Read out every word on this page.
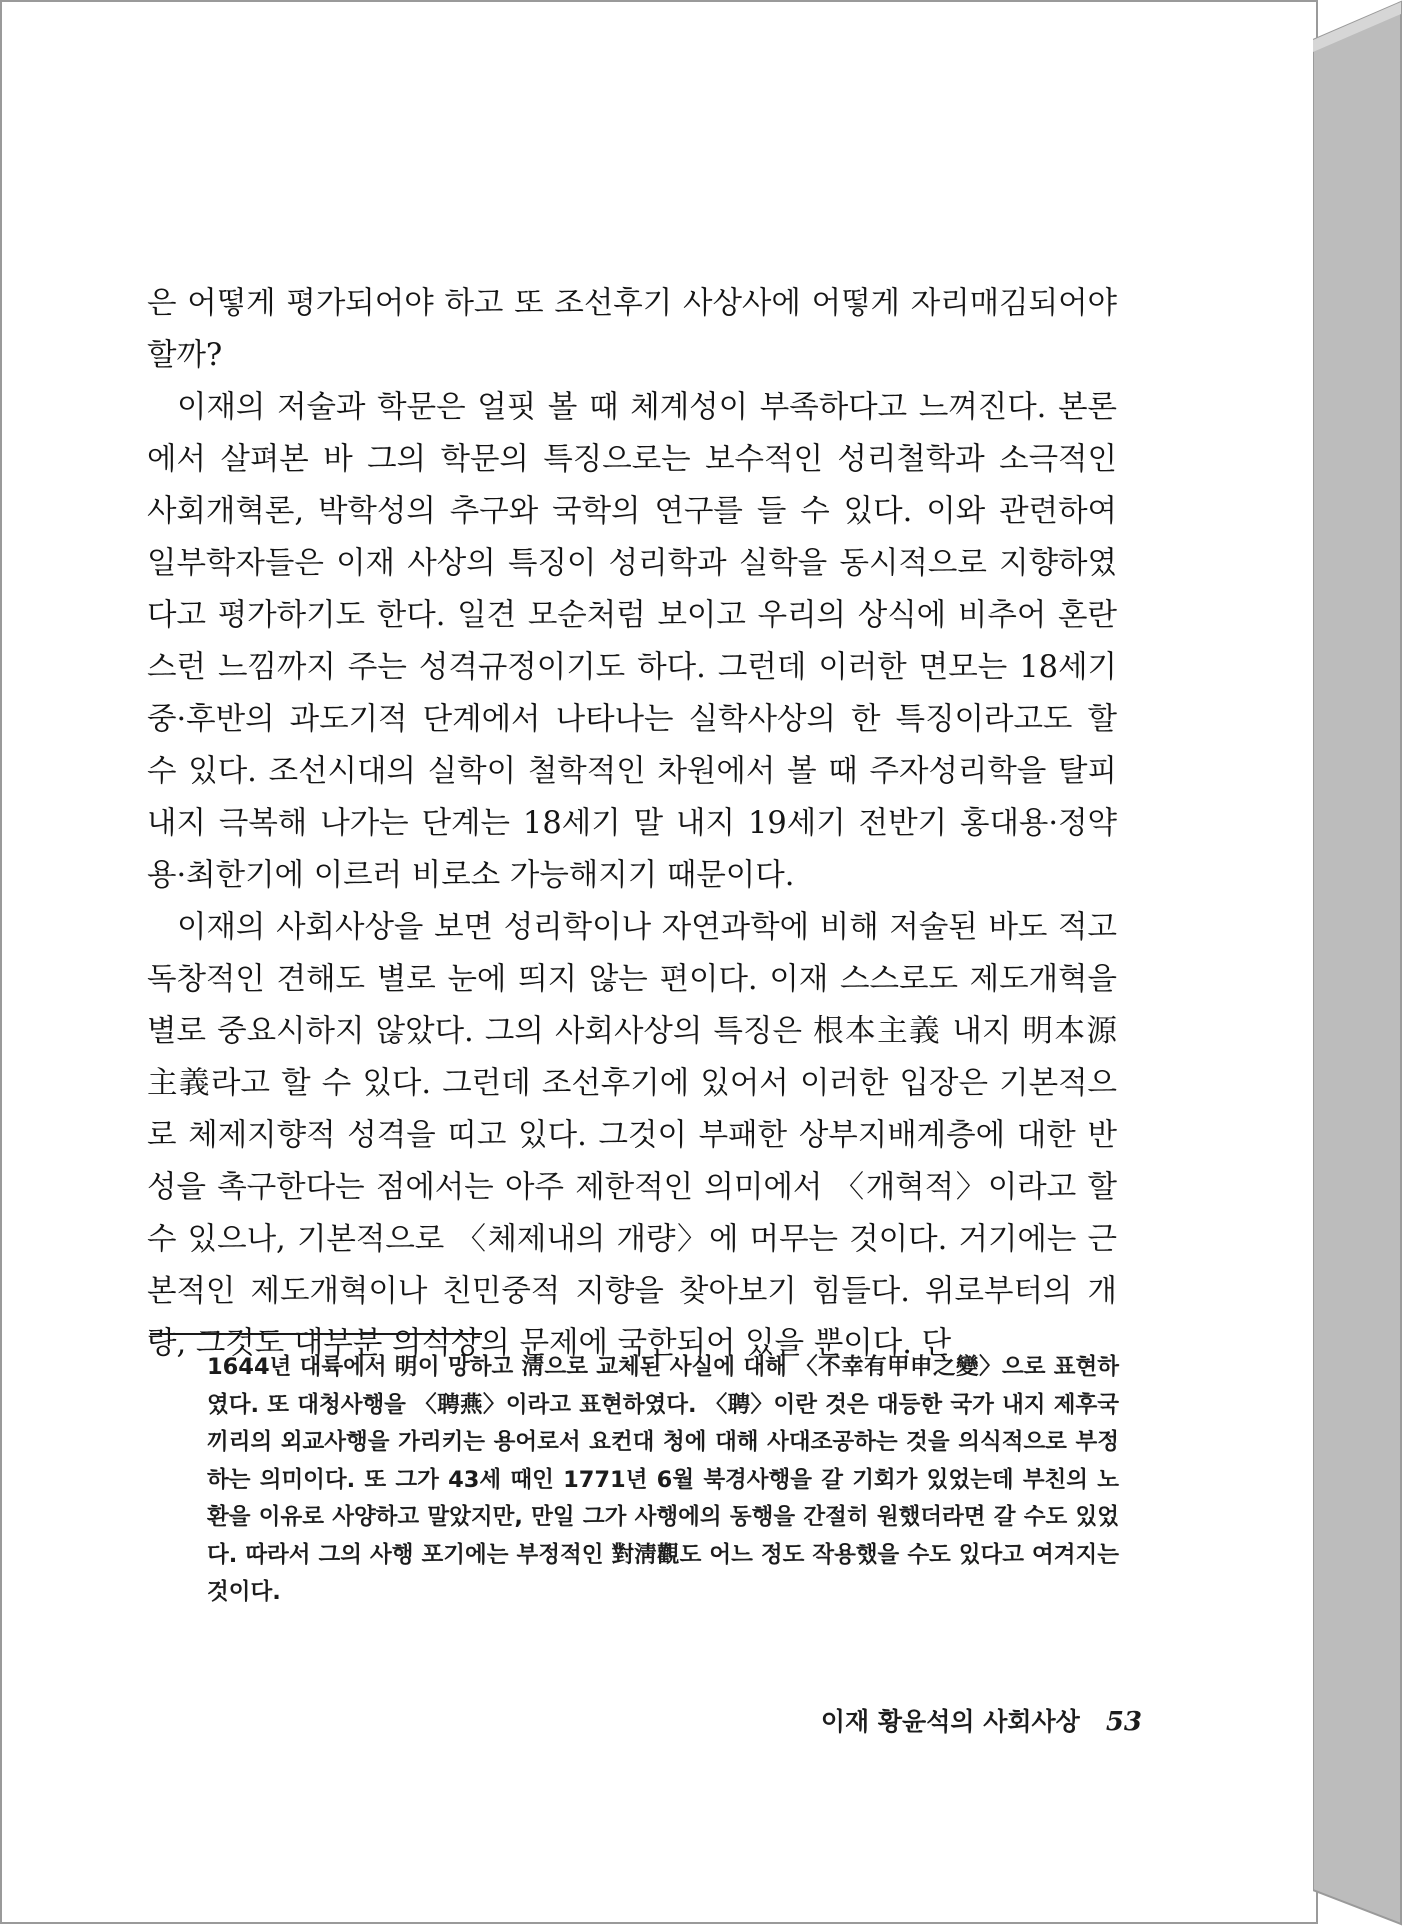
은 어떻게 평가되어야 하고 또 조선후기 사상사에 어떻게 자리매김되어야 할까?

이재의 저술과 학문은 얼핏 볼 때 체계성이 부족하다고 느껴진다. 본론에서 살펴본 바 그의 학문의 특징으로는 보수적인 성리철학과 소극적인 사회개혁론, 박학성의 추구와 국학의 연구를 들 수 있다. 이와 관련하여 일부학자들은 이재 사상의 특징이 성리학과 실학을 동시적으로 지향하였다고 평가하기도 한다. 일견 모순처럼 보이고 우리의 상식에 비추어 혼란스런 느낌까지 주는 성격규정이기도 하다. 그런데 이러한 면모는 18세기 중·후반의 과도기적 단계에서 나타나는 실학사상의 한 특징이라고도 할 수 있다. 조선시대의 실학이 철학적인 차원에서 볼 때 주자성리학을 탈피 내지 극복해 나가는 단계는 18세기 말 내지 19세기 전반기 홍대용·정약용·최한기에 이르러 비로소 가능해지기 때문이다.

이재의 사회사상을 보면 성리학이나 자연과학에 비해 저술된 바도 적고 독창적인 견해도 별로 눈에 띄지 않는 편이다. 이재 스스로도 제도개혁을 별로 중요시하지 않았다. 그의 사회사상의 특징은 根本主義 내지 明本源主義라고 할 수 있다. 그런데 조선후기에 있어서 이러한 입장은 기본적으로 체제지향적 성격을 띠고 있다. 그것이 부패한 상부지배계층에 대한 반성을 촉구한다는 점에서는 아주 제한적인 의미에서 〈개혁적〉이라고 할 수 있으나, 기본적으로 〈체제내의 개량〉에 머무는 것이다. 거기에는 근본적인 제도개혁이나 친민중적 지향을 찾아보기 힘들다. 위로부터의 개량, 그것도 대부분 의식상의 문제에 국한되어 있을 뿐이다. 단

1644년 대륙에서 明이 망하고 淸으로 교체된 사실에 대해 〈不幸有甲申之變〉으로 표현하였다. 또 대청사행을 〈聘燕〉이라고 표현하였다. 〈聘〉이란 것은 대등한 국가 내지 제후국끼리의 외교사행을 가리키는 용어로서 요컨대 청에 대해 사대조공하는 것을 의식적으로 부정하는 의미이다. 또 그가 43세 때인 1771년 6월 북경사행을 갈 기회가 있었는데 부친의 노환을 이유로 사양하고 말았지만, 만일 그가 사행에의 동행을 간절히 원했더라면 갈 수도 있었다. 따라서 그의 사행 포기에는 부정적인 對淸觀도 어느 정도 작용했을 수도 있다고 여겨지는 것이다.

이재 황윤석의 사회사상 53
